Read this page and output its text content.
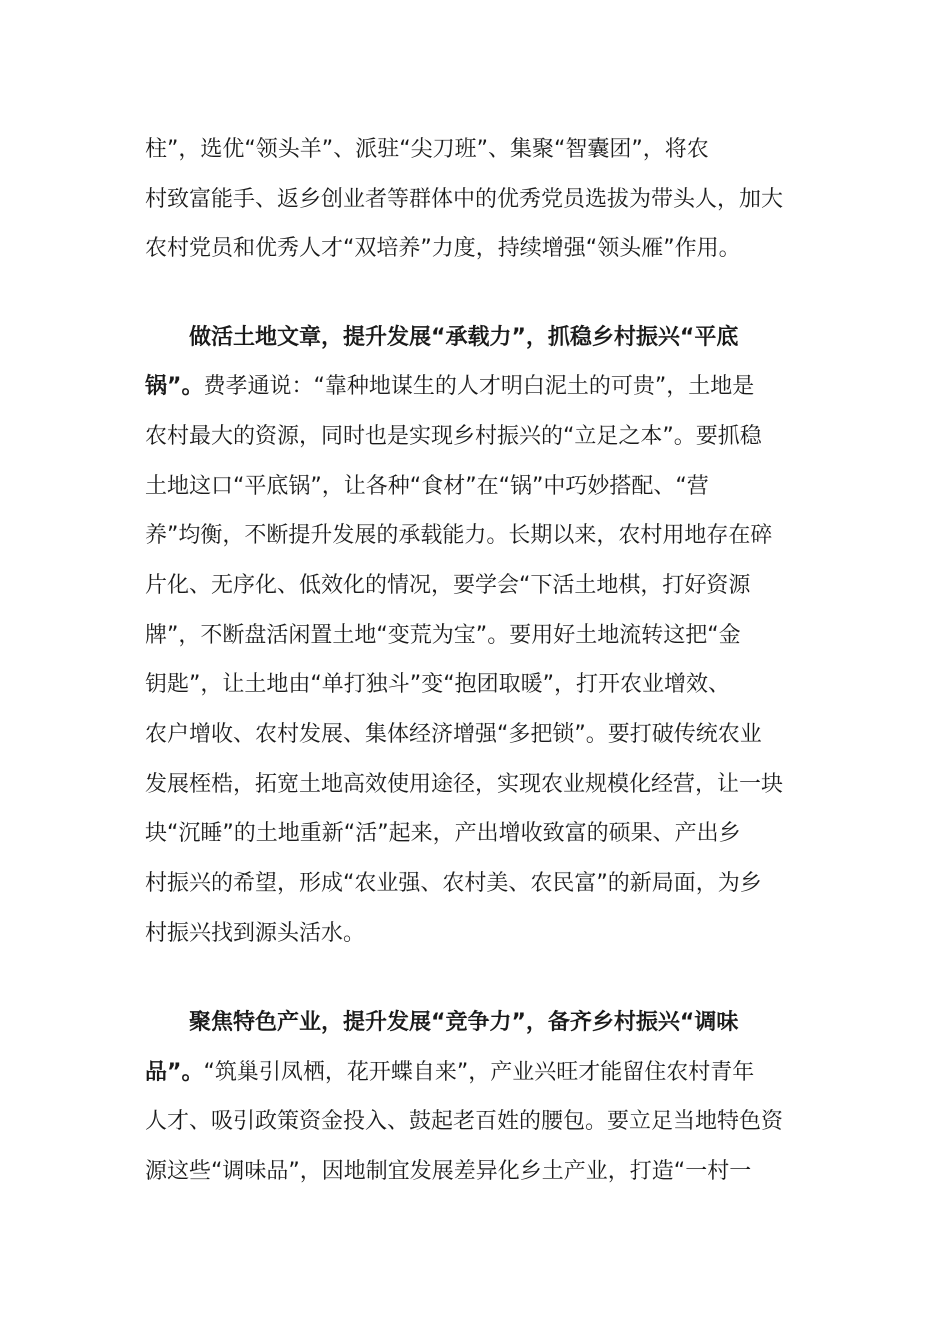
柱”，选优“领头羊”、派驻“尖刀班”、集聚“智囊团”，将农
村致富能手、返乡创业者等群体中的优秀党员选拔为带头人，加大
农村党员和优秀人才“双培养”力度，持续增强“领头雁”作用。
做活土地文章，提升发展“承载力”，抓稳乡村振兴“平底
锅”。费孝通说：“靠种地谋生的人才明白泥土的可贵”，土地是
农村最大的资源，同时也是实现乡村振兴的“立足之本”。要抓稳
土地这口“平底锅”，让各种“食材”在“锅”中巧妙搭配、“营
养”均衡，不断提升发展的承载能力。长期以来，农村用地存在碎
片化、无序化、低效化的情况，要学会“下活土地棋，打好资源
牌”，不断盘活闲置土地“变荒为宝”。要用好土地流转这把“金
钥匙”，让土地由“单打独斗”变“抱团取暖”，打开农业增效、
农户增收、农村发展、集体经济增强“多把锁”。要打破传统农业
发展桎梏，拓宽土地高效使用途径，实现农业规模化经营，让一块
块“沉睡”的土地重新“活”起来，产出增收致富的硕果、产出乡
村振兴的希望，形成“农业强、农村美、农民富”的新局面，为乡
村振兴找到源头活水。
聚焦特色产业，提升发展“竞争力”，备齐乡村振兴“调味
品”。“筑巢引凤栖，花开蝶自来”，产业兴旺才能留住农村青年
人才、吸引政策资金投入、鼓起老百姓的腰包。要立足当地特色资
源这些“调味品”，因地制宜发展差异化乡土产业，打造“一村一
